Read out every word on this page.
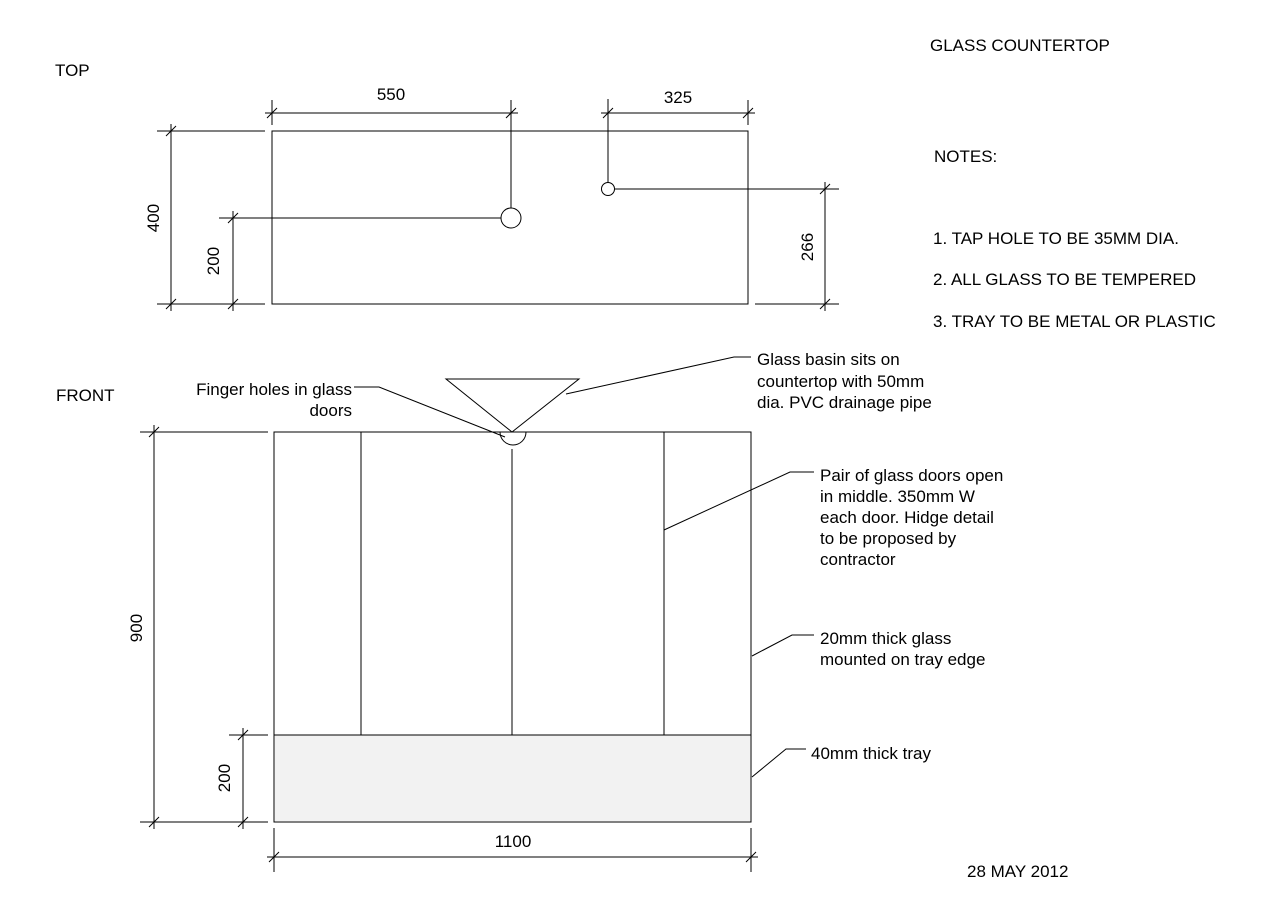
GLASS COUNTERTOP
TOP
FRONT
NOTES:
1. TAP HOLE TO BE 35MM DIA.
2. ALL GLASS TO BE TEMPERED
3. TRAY TO BE METAL OR PLASTIC
550	325
400
200	266
900
200
1100
Finger holes in glass
doors
Glass basin sits on
countertop with 50mm
dia. PVC drainage pipe
Pair of glass doors open
in middle. 350mm W
each door. Hidge detail
to be proposed by
contractor
20mm thick glass
mounted on tray edge
40mm thick tray
28 MAY 2012
